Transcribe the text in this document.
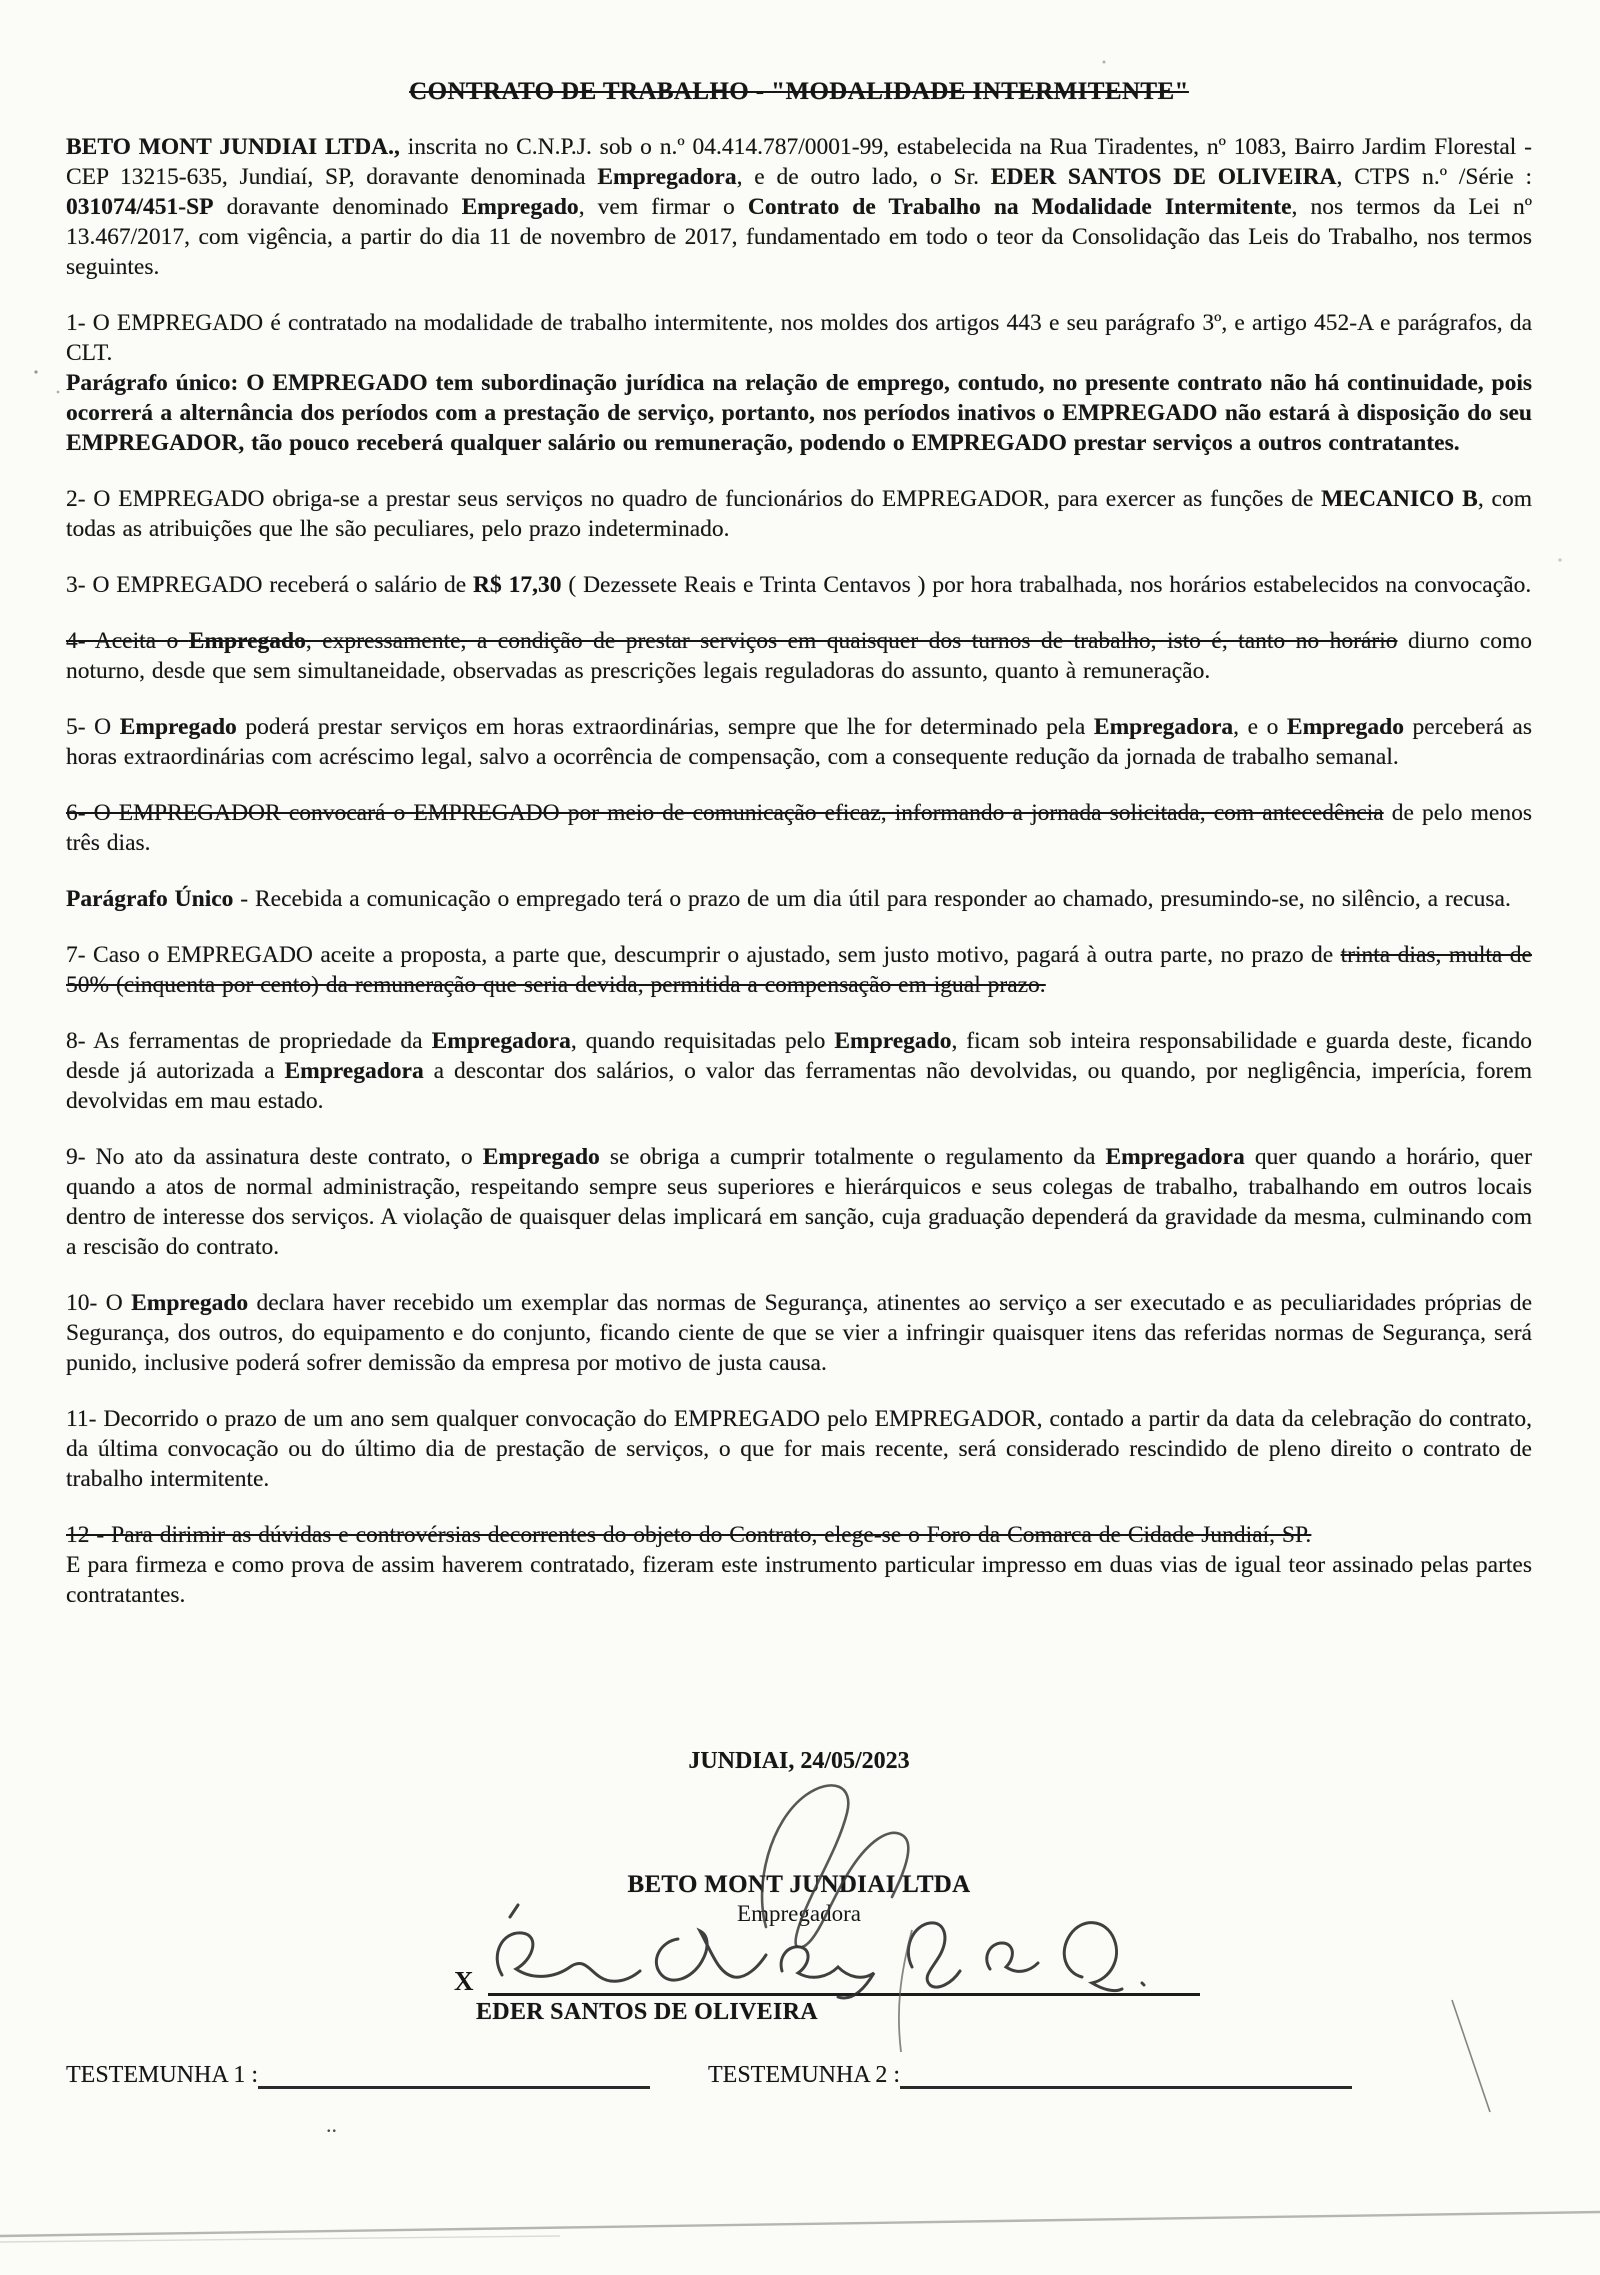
CONTRATO DE TRABALHO - "MODALIDADE INTERMITENTE"

BETO MONT JUNDIAI LTDA., inscrita no C.N.P.J. sob o n.º 04.414.787/0001-99, estabelecida na Rua Tiradentes, nº 1083, Bairro Jardim Florestal - CEP 13215-635, Jundiaí, SP, doravante denominada Empregadora, e de outro lado, o Sr. EDER SANTOS DE OLIVEIRA, CTPS n.º /Série : 031074/451-SP doravante denominado Empregado, vem firmar o Contrato de Trabalho na Modalidade Intermitente, nos termos da Lei nº 13.467/2017, com vigência, a partir do dia 11 de novembro de 2017, fundamentado em todo o teor da Consolidação das Leis do Trabalho, nos termos seguintes.

1- O EMPREGADO é contratado na modalidade de trabalho intermitente, nos moldes dos artigos 443 e seu parágrafo 3º, e artigo 452-A e parágrafos, da CLT.

Parágrafo único: O EMPREGADO tem subordinação jurídica na relação de emprego, contudo, no presente contrato não há continuidade, pois ocorrerá a alternância dos períodos com a prestação de serviço, portanto, nos períodos inativos o EMPREGADO não estará à disposição do seu EMPREGADOR, tão pouco receberá qualquer salário ou remuneração, podendo o EMPREGADO prestar serviços a outros contratantes.

2- O EMPREGADO obriga-se a prestar seus serviços no quadro de funcionários do EMPREGADOR, para exercer as funções de MECANICO B, com todas as atribuições que lhe são peculiares, pelo prazo indeterminado.

3- O EMPREGADO receberá o salário de R$ 17,30 ( Dezessete Reais e Trinta Centavos ) por hora trabalhada, nos horários estabelecidos na convocação.

4- Aceita o Empregado, expressamente, a condição de prestar serviços em quaisquer dos turnos de trabalho, isto é, tanto no horário diurno como noturno, desde que sem simultaneidade, observadas as prescrições legais reguladoras do assunto, quanto à remuneração.

5- O Empregado poderá prestar serviços em horas extraordinárias, sempre que lhe for determinado pela Empregadora, e o Empregado perceberá as horas extraordinárias com acréscimo legal, salvo a ocorrência de compensação, com a consequente redução da jornada de trabalho semanal.

6- O EMPREGADOR convocará o EMPREGADO por meio de comunicação eficaz, informando a jornada solicitada, com antecedência de pelo menos três dias.

Parágrafo Único - Recebida a comunicação o empregado terá o prazo de um dia útil para responder ao chamado, presumindo-se, no silêncio, a recusa.

7- Caso o EMPREGADO aceite a proposta, a parte que, descumprir o ajustado, sem justo motivo, pagará à outra parte, no prazo de trinta dias, multa de 50% (cinquenta por cento) da remuneração que seria devida, permitida a compensação em igual prazo.

8- As ferramentas de propriedade da Empregadora, quando requisitadas pelo Empregado, ficam sob inteira responsabilidade e guarda deste, ficando desde já autorizada a Empregadora a descontar dos salários, o valor das ferramentas não devolvidas, ou quando, por negligência, imperícia, forem devolvidas em mau estado.

9- No ato da assinatura deste contrato, o Empregado se obriga a cumprir totalmente o regulamento da Empregadora quer quando a horário, quer quando a atos de normal administração, respeitando sempre seus superiores e hierárquicos e seus colegas de trabalho, trabalhando em outros locais dentro de interesse dos serviços. A violação de quaisquer delas implicará em sanção, cuja graduação dependerá da gravidade da mesma, culminando com a rescisão do contrato.

10- O Empregado declara haver recebido um exemplar das normas de Segurança, atinentes ao serviço a ser executado e as peculiaridades próprias de Segurança, dos outros, do equipamento e do conjunto, ficando ciente de que se vier a infringir quaisquer itens das referidas normas de Segurança, será punido, inclusive poderá sofrer demissão da empresa por motivo de justa causa.

11- Decorrido o prazo de um ano sem qualquer convocação do EMPREGADO pelo EMPREGADOR, contado a partir da data da celebração do contrato, da última convocação ou do último dia de prestação de serviços, o que for mais recente, será considerado rescindido de pleno direito o contrato de trabalho intermitente.

12 - Para dirimir as dúvidas e controvérsias decorrentes do objeto do Contrato, elege-se o Foro da Comarca de Cidade Jundiaí, SP.

E para firmeza e como prova de assim haverem contratado, fizeram este instrumento particular impresso em duas vias de igual teor assinado pelas partes contratantes.

JUNDIAI, 24/05/2023
BETO MONT JUNDIAI LTDA
Empregadora
X
EDER SANTOS DE OLIVEIRA
TESTEMUNHA 1 :	TESTEMUNHA 2 :
..
